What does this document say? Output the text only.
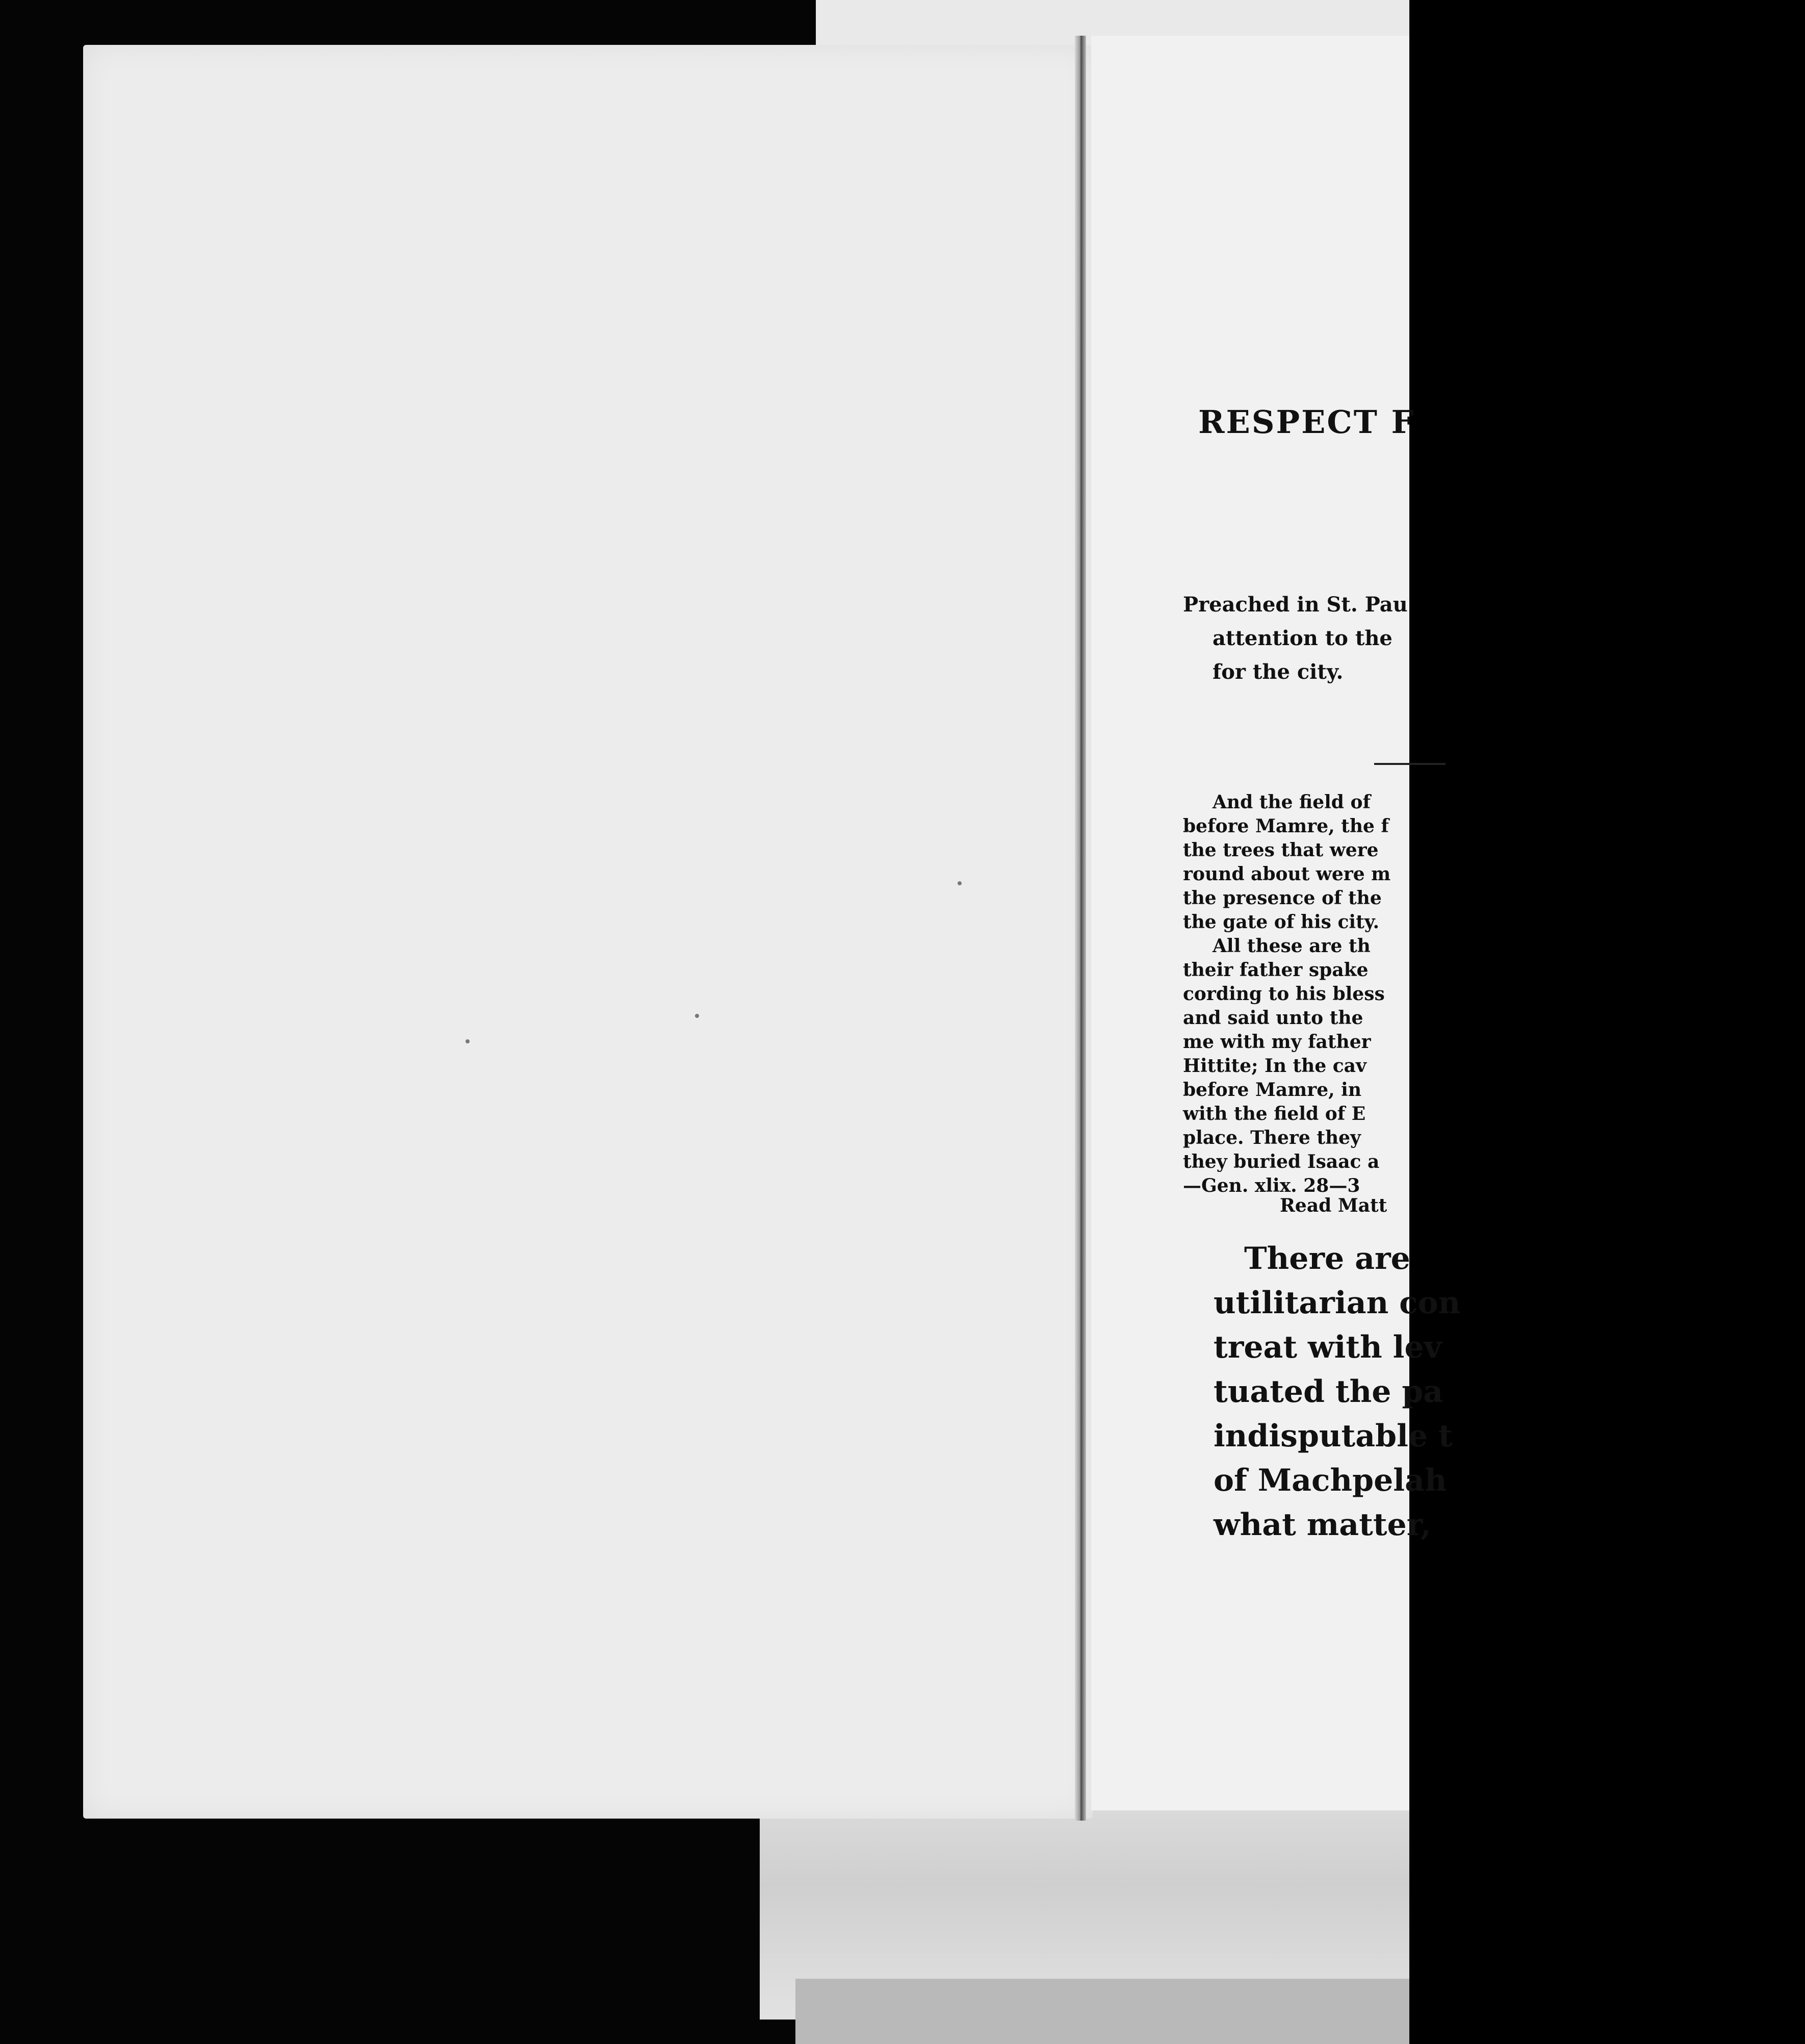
RESPECT F
Preached in St. Pau
attention to the
for the city.
And the field of
before Mamre, the f
the trees that were
round about were m
the presence of the
the gate of his city.
All these are th
their father spake
cording to his bless
and said unto the
me with my father
Hittite; In the cav
before Mamre, in
with the field of E
place. There they
they buried Isaac a
—Gen. xlix. 28—3
Read Matt
There are
utilitarian con
treat with lev
tuated the pa
indisputable t
of Machpelah
what matter,
